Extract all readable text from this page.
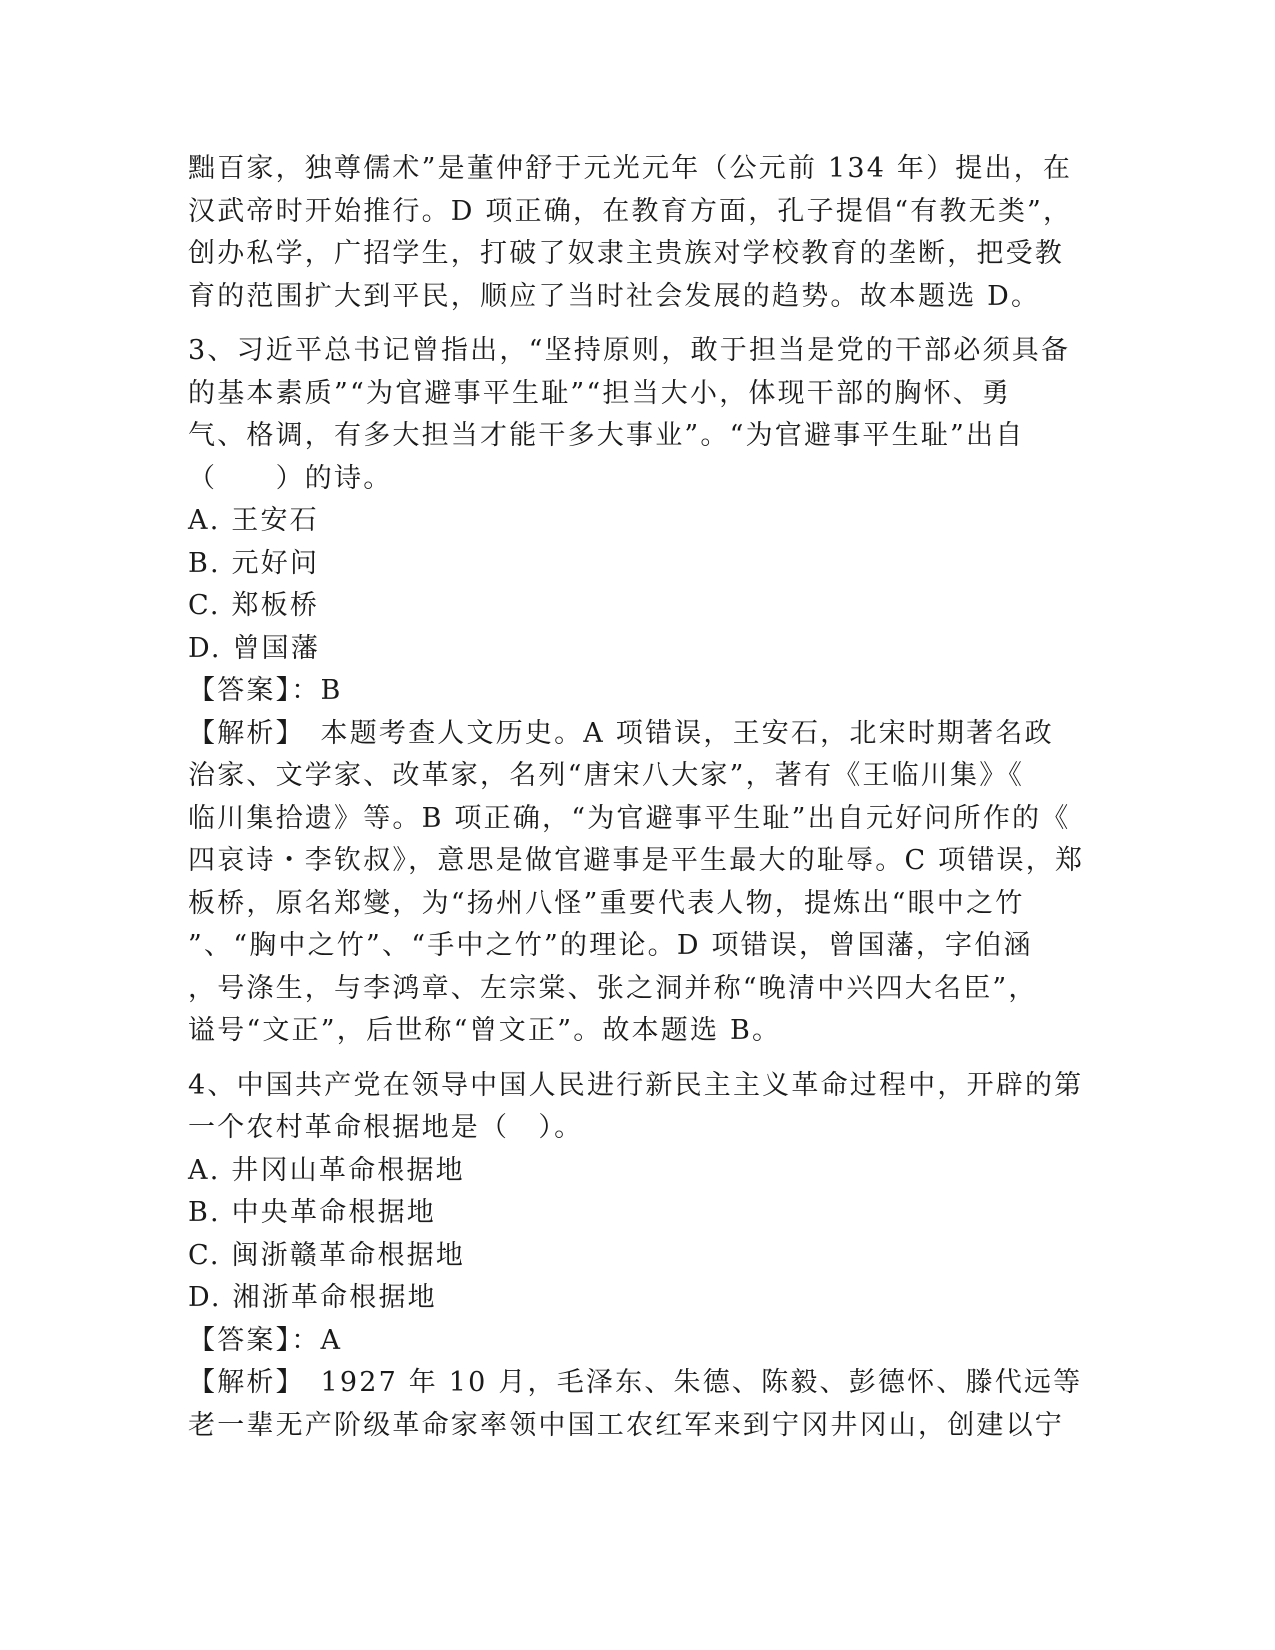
黜百家，独尊儒术”是董仲舒于元光元年（公元前 134 年）提出，在
汉武帝时开始推行。D 项正确，在教育方面，孔子提倡“有教无类”，
创办私学，广招学生，打破了奴隶主贵族对学校教育的垄断，把受教
育的范围扩大到平民，顺应了当时社会发展的趋势。故本题选 D。
3、习近平总书记曾指出，“坚持原则，敢于担当是党的干部必须具备
的基本素质”“为官避事平生耻”“担当大小，体现干部的胸怀、勇
气、格调，有多大担当才能干多大事业”。“为官避事平生耻”出自
（　　）的诗。
A. 王安石
B. 元好问
C. 郑板桥
D. 曾国藩
【答案】：B
【解析】　本题考查人文历史。A 项错误，王安石，北宋时期著名政
治家、文学家、改革家，名列“唐宋八大家”，著有《王临川集》《
临川集拾遗》等。B 项正确，“为官避事平生耻”出自元好问所作的《
四哀诗・李钦叔》，意思是做官避事是平生最大的耻辱。C 项错误，郑
板桥，原名郑燮，为“扬州八怪”重要代表人物，提炼出“眼中之竹
”、“胸中之竹”、“手中之竹”的理论。D 项错误，曾国藩，字伯涵
，号涤生，与李鸿章、左宗棠、张之洞并称“晚清中兴四大名臣”，
谥号“文正”，后世称“曾文正”。故本题选 B。
4、中国共产党在领导中国人民进行新民主主义革命过程中，开辟的第
一个农村革命根据地是（　）。
A. 井冈山革命根据地
B. 中央革命根据地
C. 闽浙赣革命根据地
D. 湘浙革命根据地
【答案】：A
【解析】　1927 年 10 月，毛泽东、朱德、陈毅、彭德怀、滕代远等
老一辈无产阶级革命家率领中国工农红军来到宁冈井冈山，创建以宁
